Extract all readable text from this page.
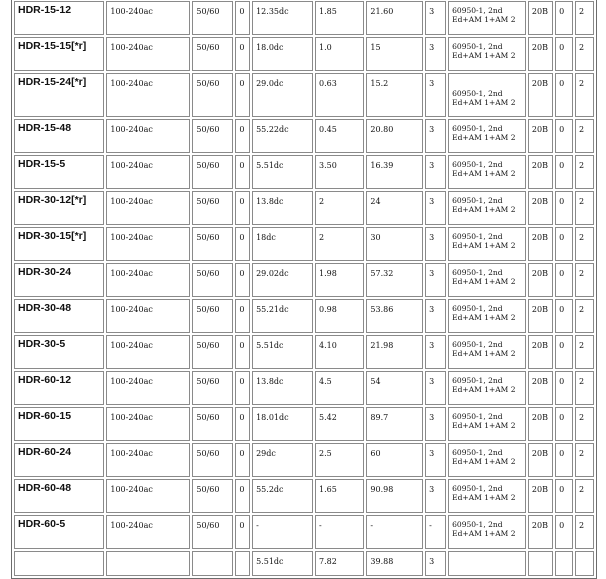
HDR-15-12	100-240ac	50/60	0	12.35dc	1.85	21.60	3	60950-1, 2nd Ed+AM 1+AM 2	20B	0	2
HDR-15-15[*r]	100-240ac	50/60	0	18.0dc	1.0	15	3	60950-1, 2nd Ed+AM 1+AM 2	20B	0	2
HDR-15-24[*r]	100-240ac	50/60	0	29.0dc	0.63	15.2	3	60950-1, 2nd Ed+AM 1+AM 2	20B	0	2
HDR-15-48	100-240ac	50/60	0	55.22dc	0.45	20.80	3	60950-1, 2nd Ed+AM 1+AM 2	20B	0	2
HDR-15-5	100-240ac	50/60	0	5.51dc	3.50	16.39	3	60950-1, 2nd Ed+AM 1+AM 2	20B	0	2
HDR-30-12[*r]	100-240ac	50/60	0	13.8dc	2	24	3	60950-1, 2nd Ed+AM 1+AM 2	20B	0	2
HDR-30-15[*r]	100-240ac	50/60	0	18dc	2	30	3	60950-1, 2nd Ed+AM 1+AM 2	20B	0	2
HDR-30-24	100-240ac	50/60	0	29.02dc	1.98	57.32	3	60950-1, 2nd Ed+AM 1+AM 2	20B	0	2
HDR-30-48	100-240ac	50/60	0	55.21dc	0.98	53.86	3	60950-1, 2nd Ed+AM 1+AM 2	20B	0	2
HDR-30-5	100-240ac	50/60	0	5.51dc	4.10	21.98	3	60950-1, 2nd Ed+AM 1+AM 2	20B	0	2
HDR-60-12	100-240ac	50/60	0	13.8dc	4.5	54	3	60950-1, 2nd Ed+AM 1+AM 2	20B	0	2
HDR-60-15	100-240ac	50/60	0	18.01dc	5.42	89.7	3	60950-1, 2nd Ed+AM 1+AM 2	20B	0	2
HDR-60-24	100-240ac	50/60	0	29dc	2.5	60	3	60950-1, 2nd Ed+AM 1+AM 2	20B	0	2
HDR-60-48	100-240ac	50/60	0	55.2dc	1.65	90.98	3	60950-1, 2nd Ed+AM 1+AM 2	20B	0	2
HDR-60-5	100-240ac	50/60	0	-	-	-	-	60950-1, 2nd Ed+AM 1+AM 2	20B	0	2
				5.51dc	7.82	39.88	3				
